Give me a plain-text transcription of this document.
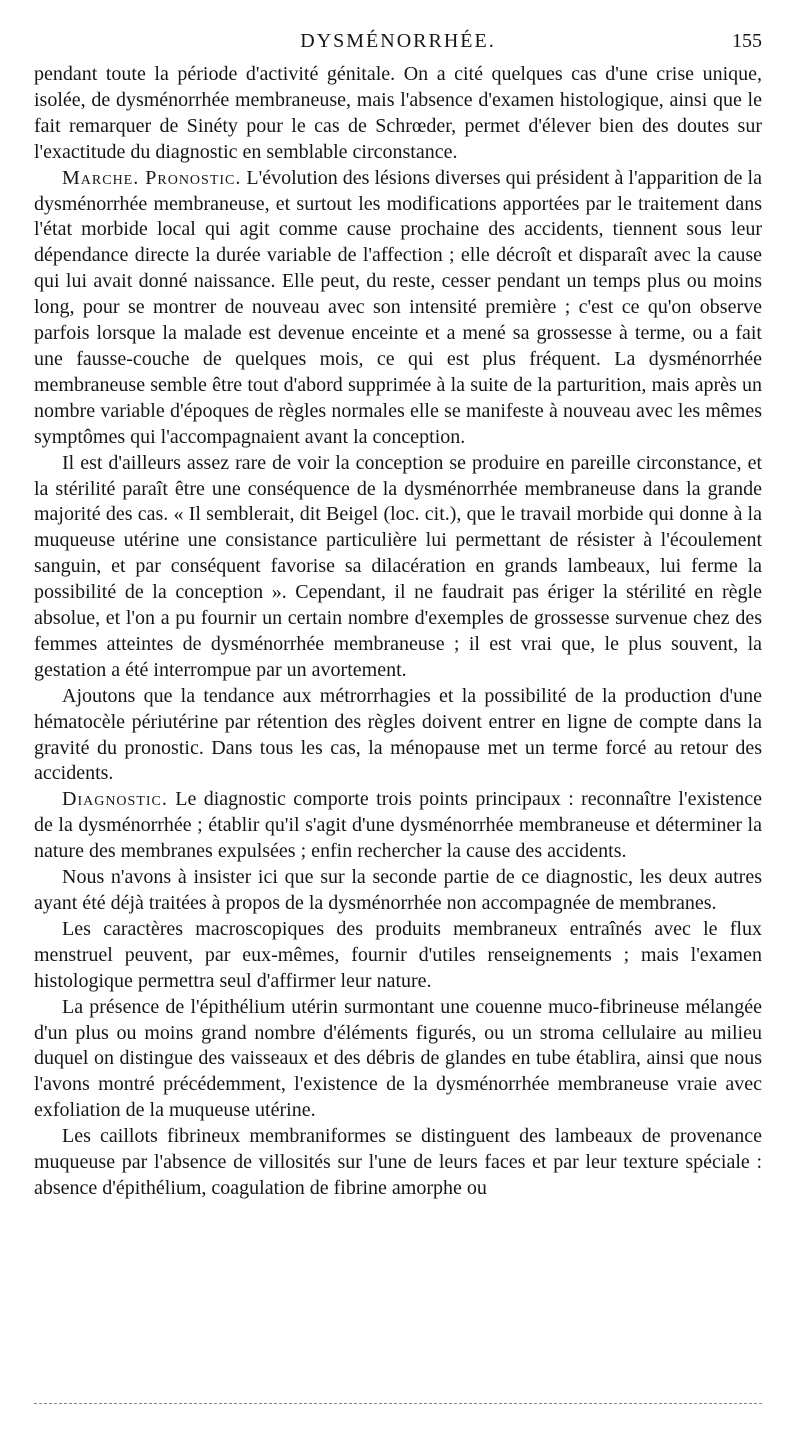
DYSMÉNORRHÉE.	155

pendant toute la période d'activité génitale. On a cité quelques cas d'une crise unique, isolée, de dysménorrhée membraneuse, mais l'absence d'examen histologique, ainsi que le fait remarquer de Sinéty pour le cas de Schrœder, permet d'élever bien des doutes sur l'exactitude du diagnostic en semblable circonstance.

Marche. Pronostic. L'évolution des lésions diverses qui président à l'apparition de la dysménorrhée membraneuse, et surtout les modifications apportées par le traitement dans l'état morbide local qui agit comme cause prochaine des accidents, tiennent sous leur dépendance directe la durée variable de l'affection ; elle décroît et disparaît avec la cause qui lui avait donné naissance. Elle peut, du reste, cesser pendant un temps plus ou moins long, pour se montrer de nouveau avec son intensité première ; c'est ce qu'on observe parfois lorsque la malade est devenue enceinte et a mené sa grossesse à terme, ou a fait une fausse-couche de quelques mois, ce qui est plus fréquent. La dysménorrhée membraneuse semble être tout d'abord supprimée à la suite de la parturition, mais après un nombre variable d'époques de règles normales elle se manifeste à nouveau avec les mêmes symptômes qui l'accompagnaient avant la conception.

Il est d'ailleurs assez rare de voir la conception se produire en pareille circonstance, et la stérilité paraît être une conséquence de la dysménorrhée membraneuse dans la grande majorité des cas. « Il semblerait, dit Beigel (loc. cit.), que le travail morbide qui donne à la muqueuse utérine une consistance particulière lui permettant de résister à l'écoulement sanguin, et par conséquent favorise sa dilacération en grands lambeaux, lui ferme la possibilité de la conception ». Cependant, il ne faudrait pas ériger la stérilité en règle absolue, et l'on a pu fournir un certain nombre d'exemples de grossesse survenue chez des femmes atteintes de dysménorrhée membraneuse ; il est vrai que, le plus souvent, la gestation a été interrompue par un avortement.

Ajoutons que la tendance aux métrorrhagies et la possibilité de la production d'une hématocèle périutérine par rétention des règles doivent entrer en ligne de compte dans la gravité du pronostic. Dans tous les cas, la ménopause met un terme forcé au retour des accidents.

Diagnostic. Le diagnostic comporte trois points principaux : reconnaître l'existence de la dysménorrhée ; établir qu'il s'agit d'une dysménorrhée membraneuse et déterminer la nature des membranes expulsées ; enfin rechercher la cause des accidents.

Nous n'avons à insister ici que sur la seconde partie de ce diagnostic, les deux autres ayant été déjà traitées à propos de la dysménorrhée non accompagnée de membranes.

Les caractères macroscopiques des produits membraneux entraînés avec le flux menstruel peuvent, par eux-mêmes, fournir d'utiles renseignements ; mais l'examen histologique permettra seul d'affirmer leur nature.

La présence de l'épithélium utérin surmontant une couenne muco-fibrineuse mélangée d'un plus ou moins grand nombre d'éléments figurés, ou un stroma cellulaire au milieu duquel on distingue des vaisseaux et des débris de glandes en tube établira, ainsi que nous l'avons montré précédemment, l'existence de la dysménorrhée membraneuse vraie avec exfoliation de la muqueuse utérine.

Les caillots fibrineux membraniformes se distinguent des lambeaux de provenance muqueuse par l'absence de villosités sur l'une de leurs faces et par leur texture spéciale : absence d'épithélium, coagulation de fibrine amorphe ou
